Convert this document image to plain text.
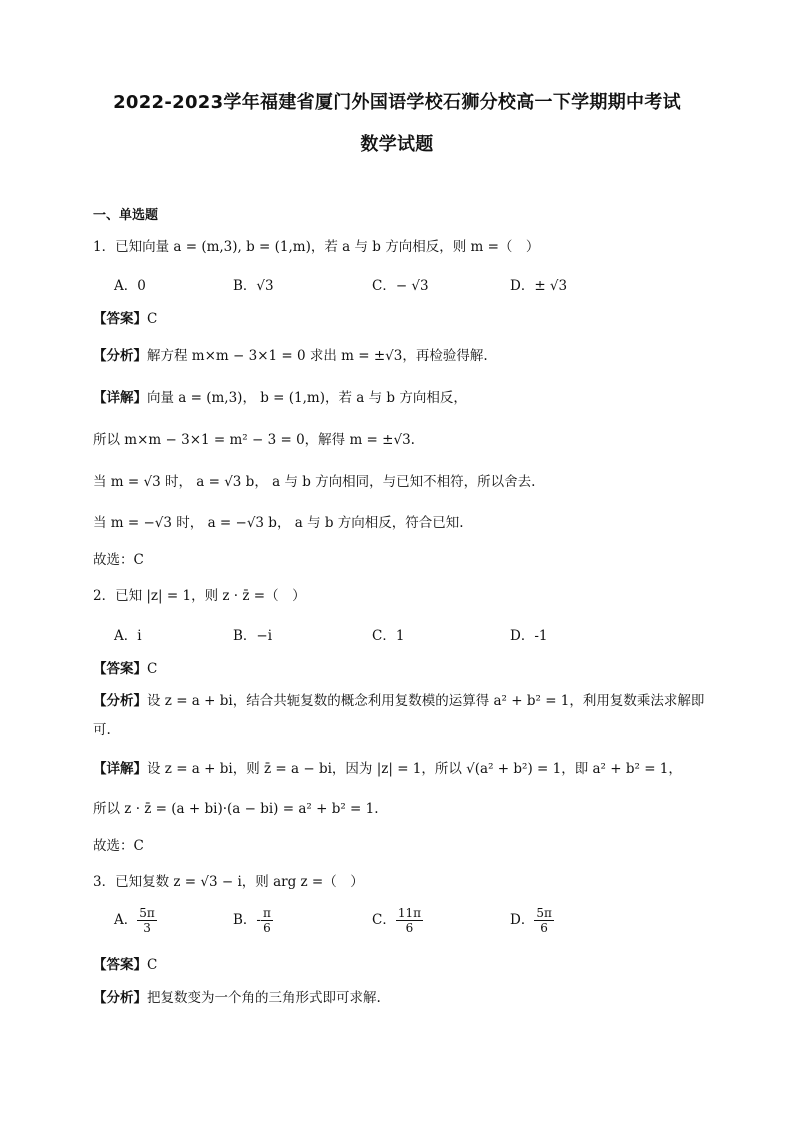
2022-2023学年福建省厦门外国语学校石狮分校高一下学期期中考试
数学试题
一、单选题
1．已知向量 a = (m,3), b = (1,m)，若 a 与 b 方向相反，则 m =（　）
A．0	B．√3	C．− √3	D．± √3
【答案】C
【分析】解方程 m×m − 3×1 = 0 求出 m = ±√3，再检验得解.
【详解】向量 a = (m,3)， b = (1,m)，若 a 与 b 方向相反，
所以 m×m − 3×1 = m² − 3 = 0，解得 m = ±√3.
当 m = √3 时， a = √3 b， a 与 b 方向相同，与已知不相符，所以舍去.
当 m = −√3 时， a = −√3 b， a 与 b 方向相反，符合已知.
故选：C
2．已知 |z| = 1，则 z · z̄ =（　）
A．i	B．−i	C．1	D．-1
【答案】C
【分析】设 z = a + bi，结合共轭复数的概念利用复数模的运算得 a² + b² = 1，利用复数乘法求解即
可.
【详解】设 z = a + bi，则 z̄ = a − bi，因为 |z| = 1，所以 √(a² + b²) = 1，即 a² + b² = 1，
所以 z · z̄ = (a + bi)·(a − bi) = a² + b² = 1.
故选：C
3．已知复数 z = √3 − i，则 arg z =（　）
A． $\frac{5\pi}{3}$	B．- $\frac{\pi}{6}$	C． $\frac{11\pi}{6}$	D． $\frac{5\pi}{6}$
【答案】C
【分析】把复数变为一个角的三角形式即可求解.
